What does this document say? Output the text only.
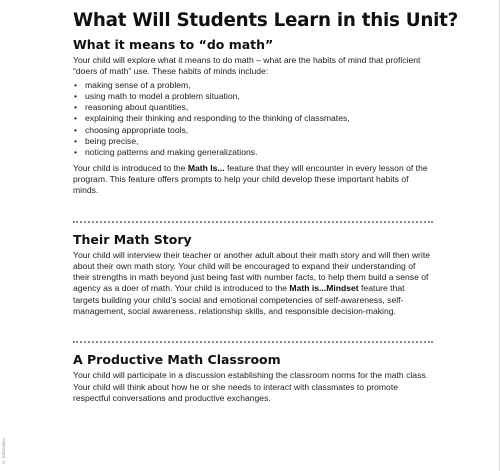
© Education
What Will Students Learn in this Unit?
What it means to “do math”

Your child will explore what it means to do math – what are the habits of mind that proficient “doers of math” use. These habits of minds include:

• making sense of a problem,
• using math to model a problem situation,
• reasoning about quantities,
• explaining their thinking and responding to the thinking of classmates,
• choosing appropriate tools,
• being precise,
• noticing patterns and making generalizations.

Your child is introduced to the Math Is... feature that they will encounter in every lesson of the program. This feature offers prompts to help your child develop these important habits of minds.

Their Math Story

Your child will interview their teacher or another adult about their math story and will then write about their own math story. Your child will be encouraged to expand their understanding of their strengths in math beyond just being fast with number facts, to help them build a sense of agency as a doer of math. Your child is introduced to the Math is...Mindset feature that targets building your child’s social and emotional competencies of self-awareness, self-management, social awareness, relationship skills, and responsible decision-making.

A Productive Math Classroom

Your child will participate in a discussion establishing the classroom norms for the math class. Your child will think about how he or she needs to interact with classmates to promote respectful conversations and productive exchanges.
